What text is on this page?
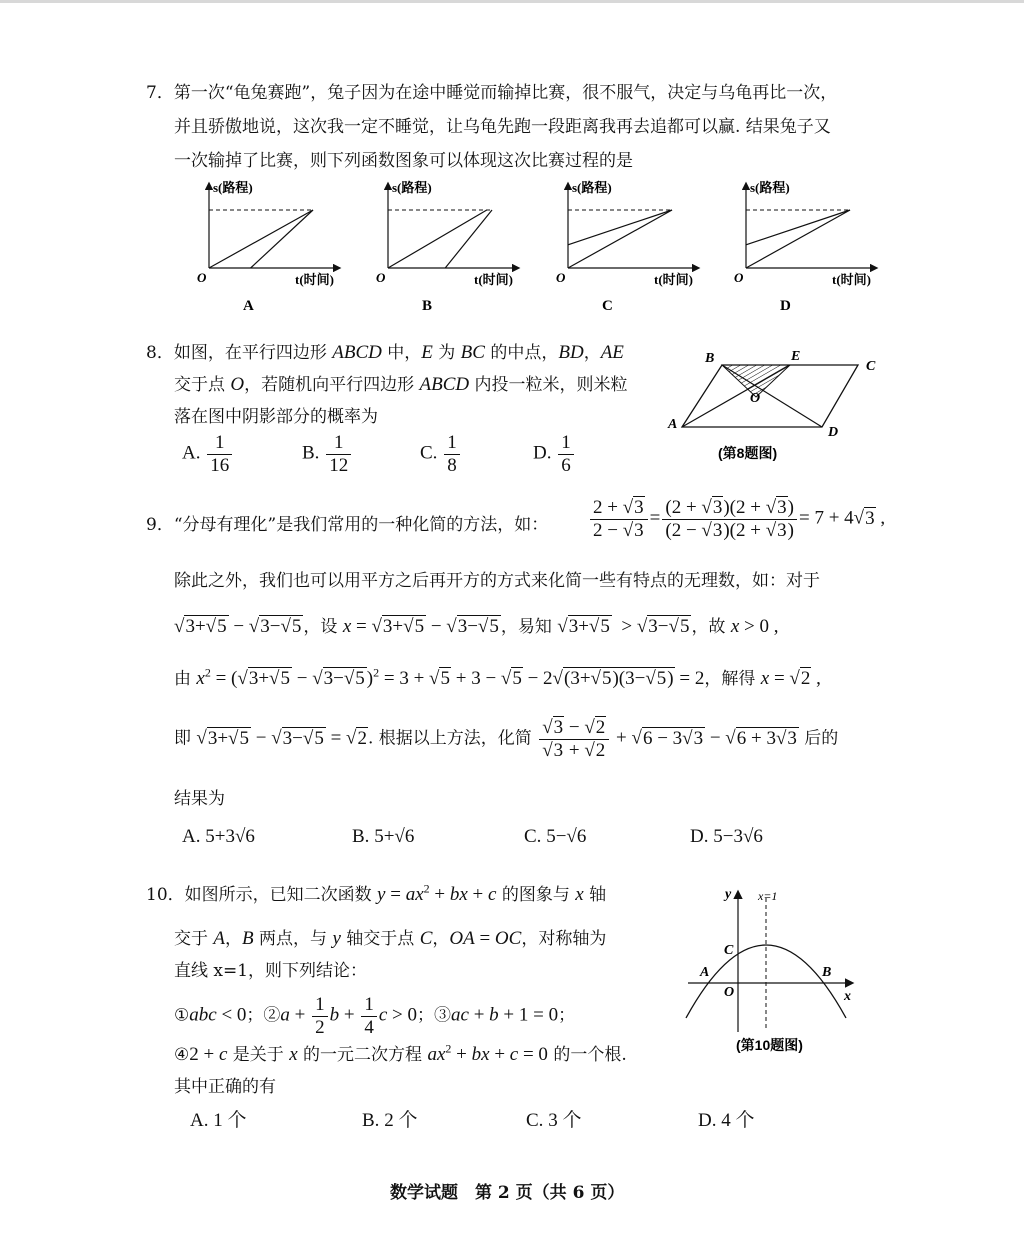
7．第一次“龟兔赛跑”，兔子因为在途中睡觉而输掉比赛，很不服气，决定与乌龟再比一次，
并且骄傲地说，这次我一定不睡觉，让乌龟先跑一段距离我再去追都可以赢. 结果兔子又
一次输掉了比赛，则下列函数图象可以体现这次比赛过程的是
s(路程)
t(时间)
O
A
s(路程)
t(时间)
O
B
s(路程)
t(时间)
O
C
s(路程)
t(时间)
O
D
8．如图，在平行四边形 ABCD 中，E 为 BC 的中点，BD，AE
交于点 O，若随机向平行四边形 ABCD 内投一粒米，则米粒
落在图中阴影部分的概率为
A. $\frac{1}{16}$	B. $\frac{1}{12}$	C. $\frac{1}{8}$	D. $\frac{1}{6}$
B	E
C
O
A
D
(第8题图)
9．“分母有理化”是我们常用的一种化简的方法，如： $\frac{2 + √3}{2 - √3} = \frac{(2 + √3)(2 + √3)}{(2 - √3)(2 + √3)} = 7 + 4√3$ ,
除此之外，我们也可以用平方之后再开方的方式来化简一些有特点的无理数，如：对于
√3+√5 − √3−√5 ，设 x = √3+√5 − √3−√5 ，易知 √3+√5  > √3−√5 ，故 x > 0 ,
由 $x^2 = (√3+√5 - √3-√5$ )$^2$ = 3 + √5 + 3 − √5 − 2√(3+√5)(3−√5) = 2，解得 x = √2 ,
即 √3+√5 − √3−√5 = √2. 根据以上方法，化简 $\frac{√3 - √2}{√3 + √2} + √6 - 3√3 - √6 + 3√3$ 后的
结果为
A. 5+3√6	B. 5+√6	C. 5−√6	D. 5−3√6
10．如图所示，已知二次函数 $y = ax^2$ + bx + c 的图象与 x 轴
交于 A，B 两点，与 y 轴交于点 C，OA = OC，对称轴为
直线 x=1，则下列结论：
①abc < 0；②a + $\frac{1}{2}$ $b + \frac{1}{4}$ c > 0；③ac + b + 1 = 0；
④2 + c 是关于 x 的一元二次方程 $ax^2$ + bx + c = 0 的一个根.
其中正确的有
A. 1 个	B. 2 个	C. 3 个	D. 4 个
y
x
x=1
C
A	B
O
(第10题图)
数学试题　第 2 页（共 6 页）
